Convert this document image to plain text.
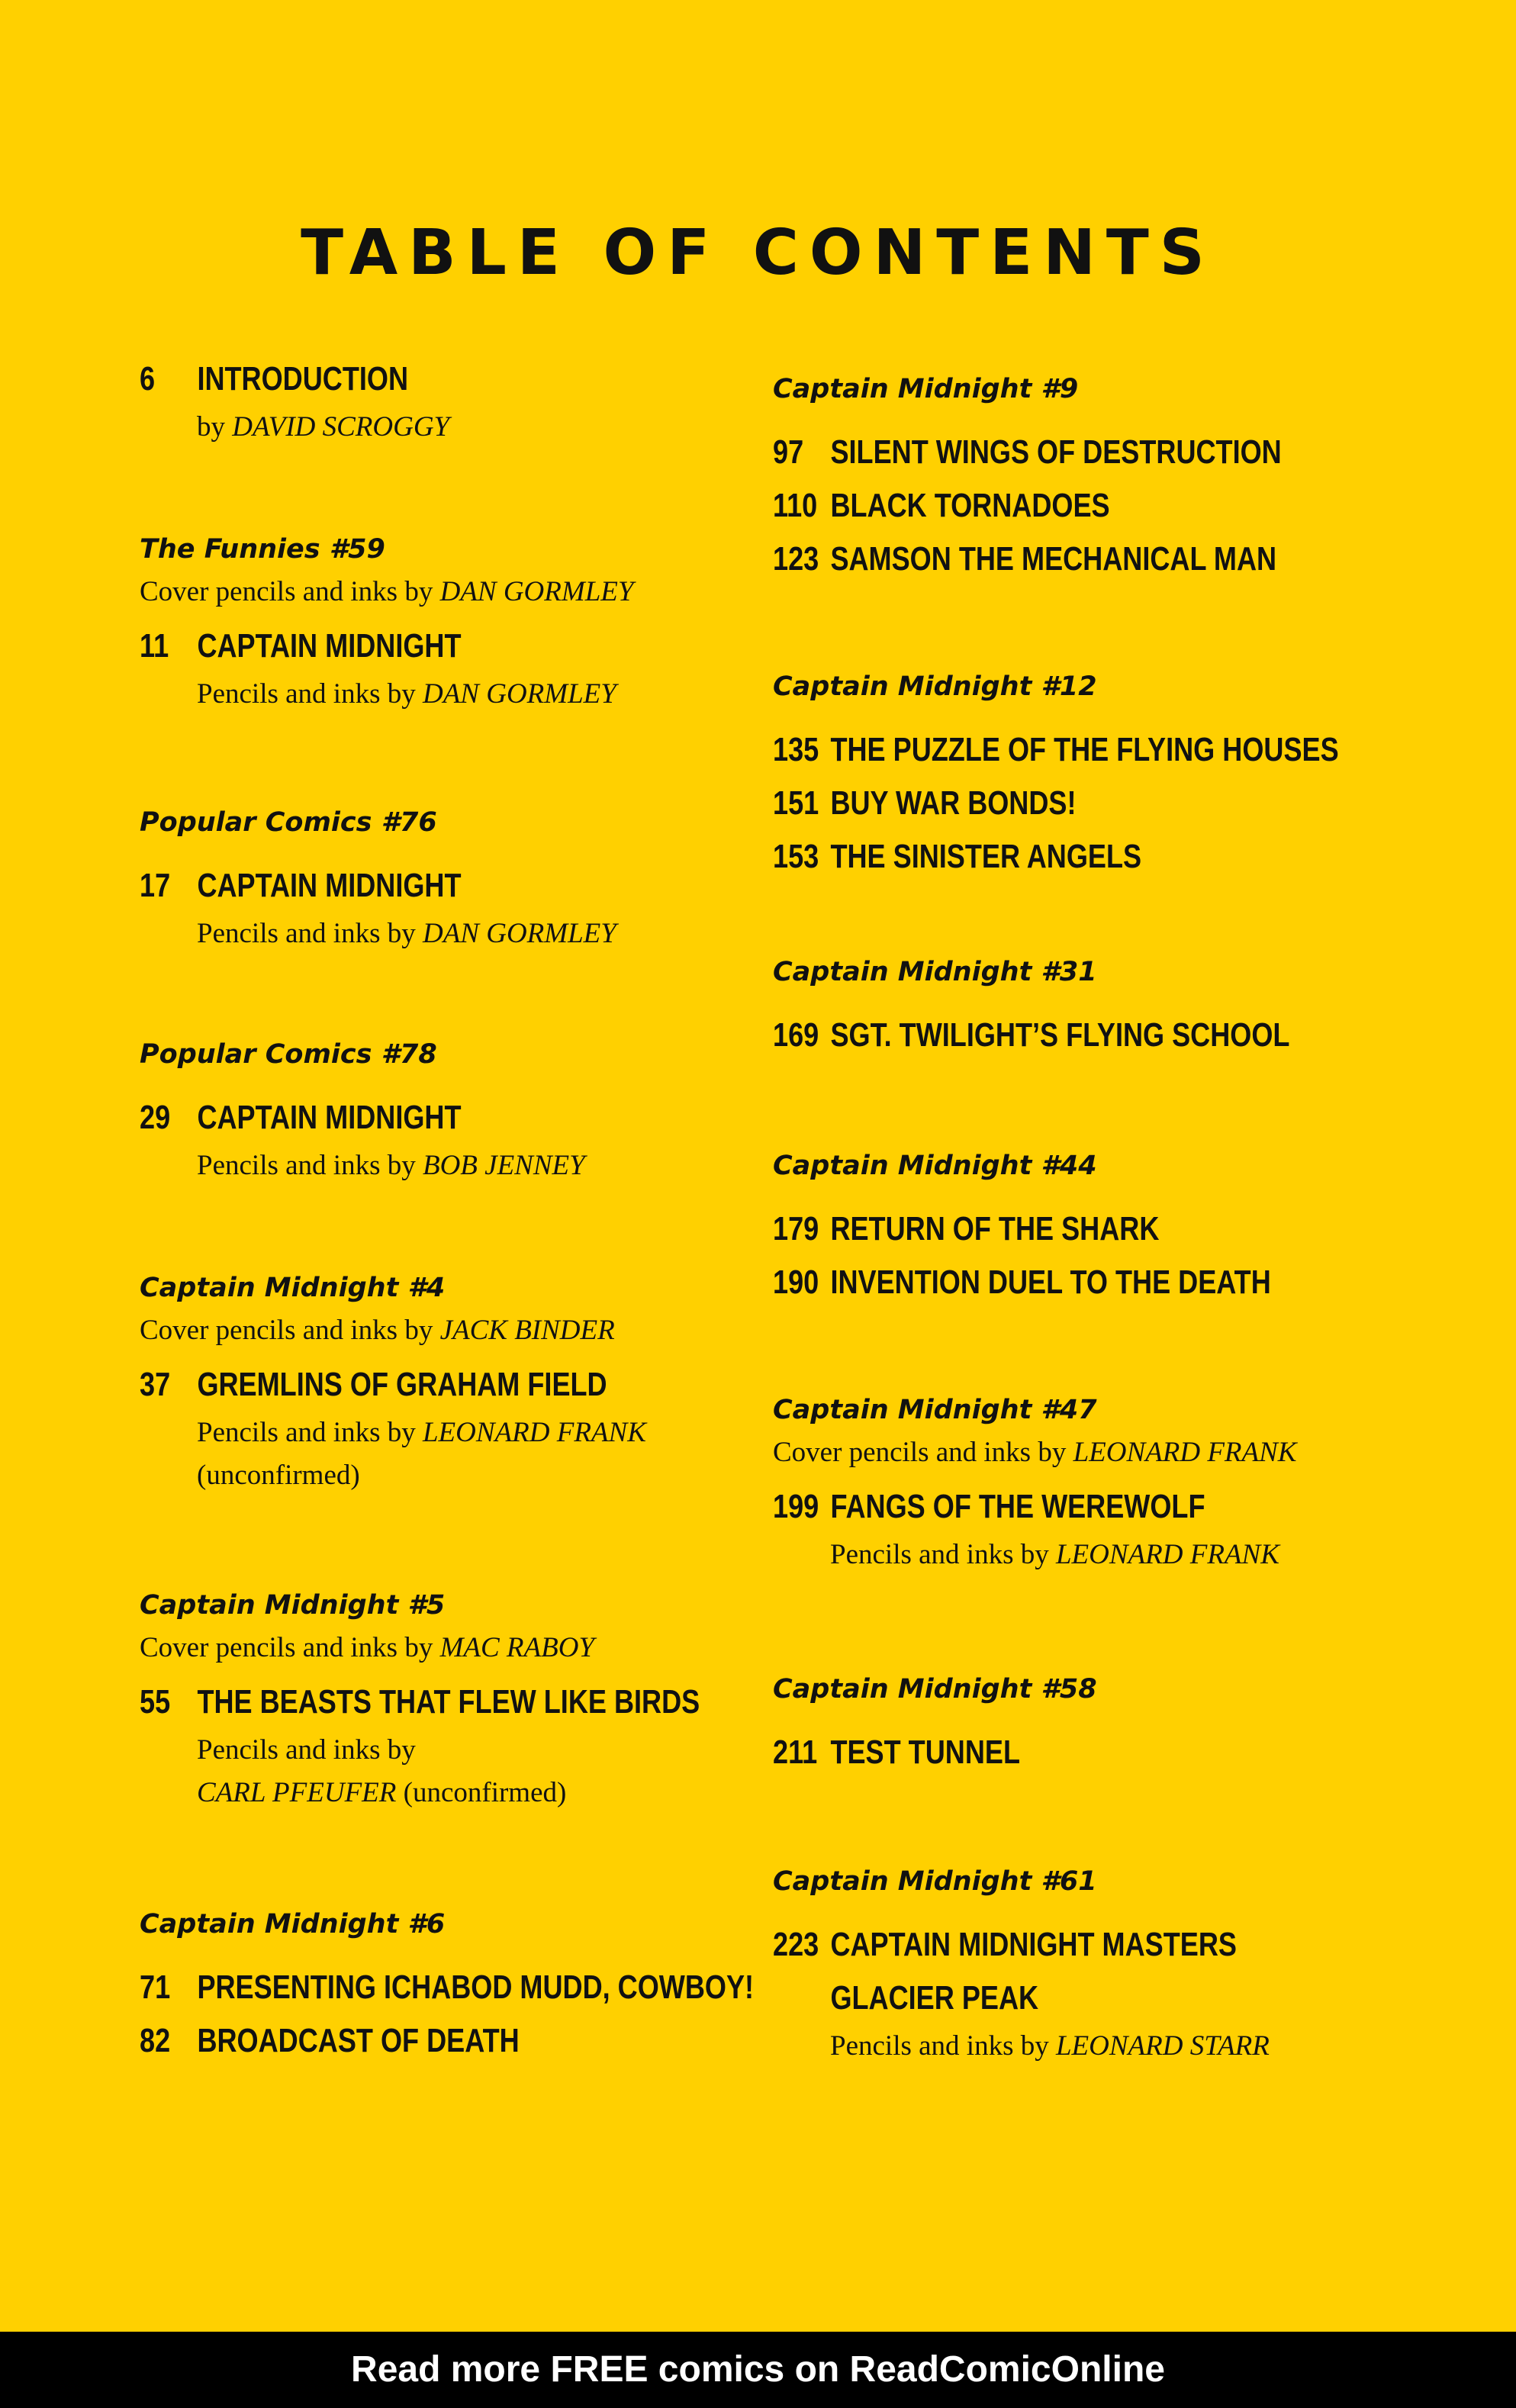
TABLE OF CONTENTS
6 INTRODUCTION
by DAVID SCROGGY
The Funnies #59
Cover pencils and inks by DAN GORMLEY
11 CAPTAIN MIDNIGHT
Pencils and inks by DAN GORMLEY
Popular Comics #76
17 CAPTAIN MIDNIGHT
Pencils and inks by DAN GORMLEY
Popular Comics #78
29 CAPTAIN MIDNIGHT
Pencils and inks by BOB JENNEY
Captain Midnight #4
Cover pencils and inks by JACK BINDER
37 GREMLINS OF GRAHAM FIELD
Pencils and inks by LEONARD FRANK
(unconfirmed)
Captain Midnight #5
Cover pencils and inks by MAC RABOY
55 THE BEASTS THAT FLEW LIKE BIRDS
Pencils and inks by
CARL PFEUFER (unconfirmed)
Captain Midnight #6
71 PRESENTING ICHABOD MUDD, COWBOY!
82 BROADCAST OF DEATH
Captain Midnight #9
97 SILENT WINGS OF DESTRUCTION
110 BLACK TORNADOES
123 SAMSON THE MECHANICAL MAN
Captain Midnight #12
135 THE PUZZLE OF THE FLYING HOUSES
151 BUY WAR BONDS!
153 THE SINISTER ANGELS
Captain Midnight #31
169 SGT. TWILIGHT’S FLYING SCHOOL
Captain Midnight #44
179 RETURN OF THE SHARK
190 INVENTION DUEL TO THE DEATH
Captain Midnight #47
Cover pencils and inks by LEONARD FRANK
199 FANGS OF THE WEREWOLF
Pencils and inks by LEONARD FRANK
Captain Midnight #58
211 TEST TUNNEL
Captain Midnight #61
223 CAPTAIN MIDNIGHT MASTERS
GLACIER PEAK
Pencils and inks by LEONARD STARR
Read more FREE comics on ReadComicOnline
